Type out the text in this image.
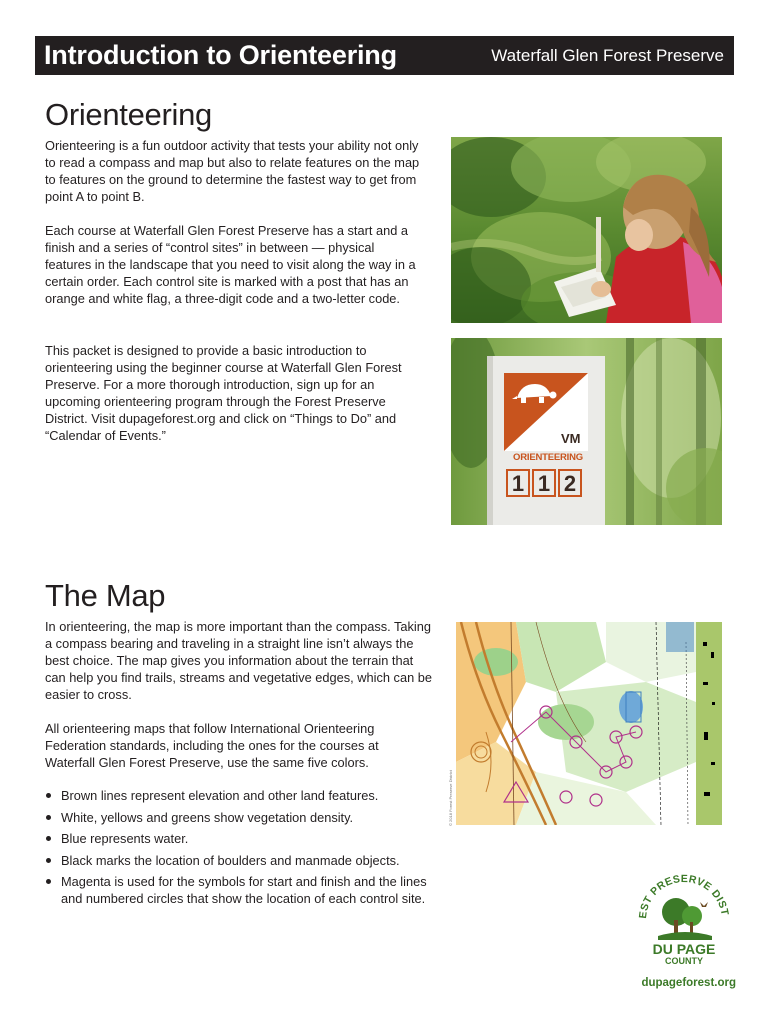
Introduction to Orienteering	Waterfall Glen Forest Preserve
Orienteering

Orienteering is a fun outdoor activity that tests your ability not only to read a compass and map but also to relate features on the map to features on the ground to determine the fastest way to get from point A to point B.

Each course at Waterfall Glen Forest Preserve has a start and a finish and a series of “control sites” in between — physical features in the landscape that you need to visit along the way in a certain order. Each control site is marked with a post that has an orange and white flag, a three-digit code and a two-letter code.

This packet is designed to provide a basic introduction to orienteering using the beginner course at Waterfall Glen Forest Preserve. For a more thorough introduction, sign up for an upcoming orienteering program through the Forest Preserve District. Visit dupageforest.org and click on “Things to Do” and “Calendar of Events.”	VM
ORIENTEERING
1 1 2
The Map

In orienteering, the map is more important than the compass. Taking a compass bearing and traveling in a straight line isn’t always the best choice. The map gives you information about the terrain that can help you find trails, streams and vegetative edges, which can be easier to cross.

All orienteering maps that follow International Orienteering Federation standards, including the ones for the courses at Waterfall Glen Forest Preserve, use the same five colors.

Brown lines represent elevation and other land features.
White, yellows and greens show vegetation density.
Blue represents water.
Black marks the location of boulders and manmade objects.
Magenta is used for the symbols for start and finish and the lines and numbered circles that show the location of each control site.
© 2018 Forest Preserve District
EST PRESERVE DIST
DU PAGE
COUNTY
dupageforest.org
